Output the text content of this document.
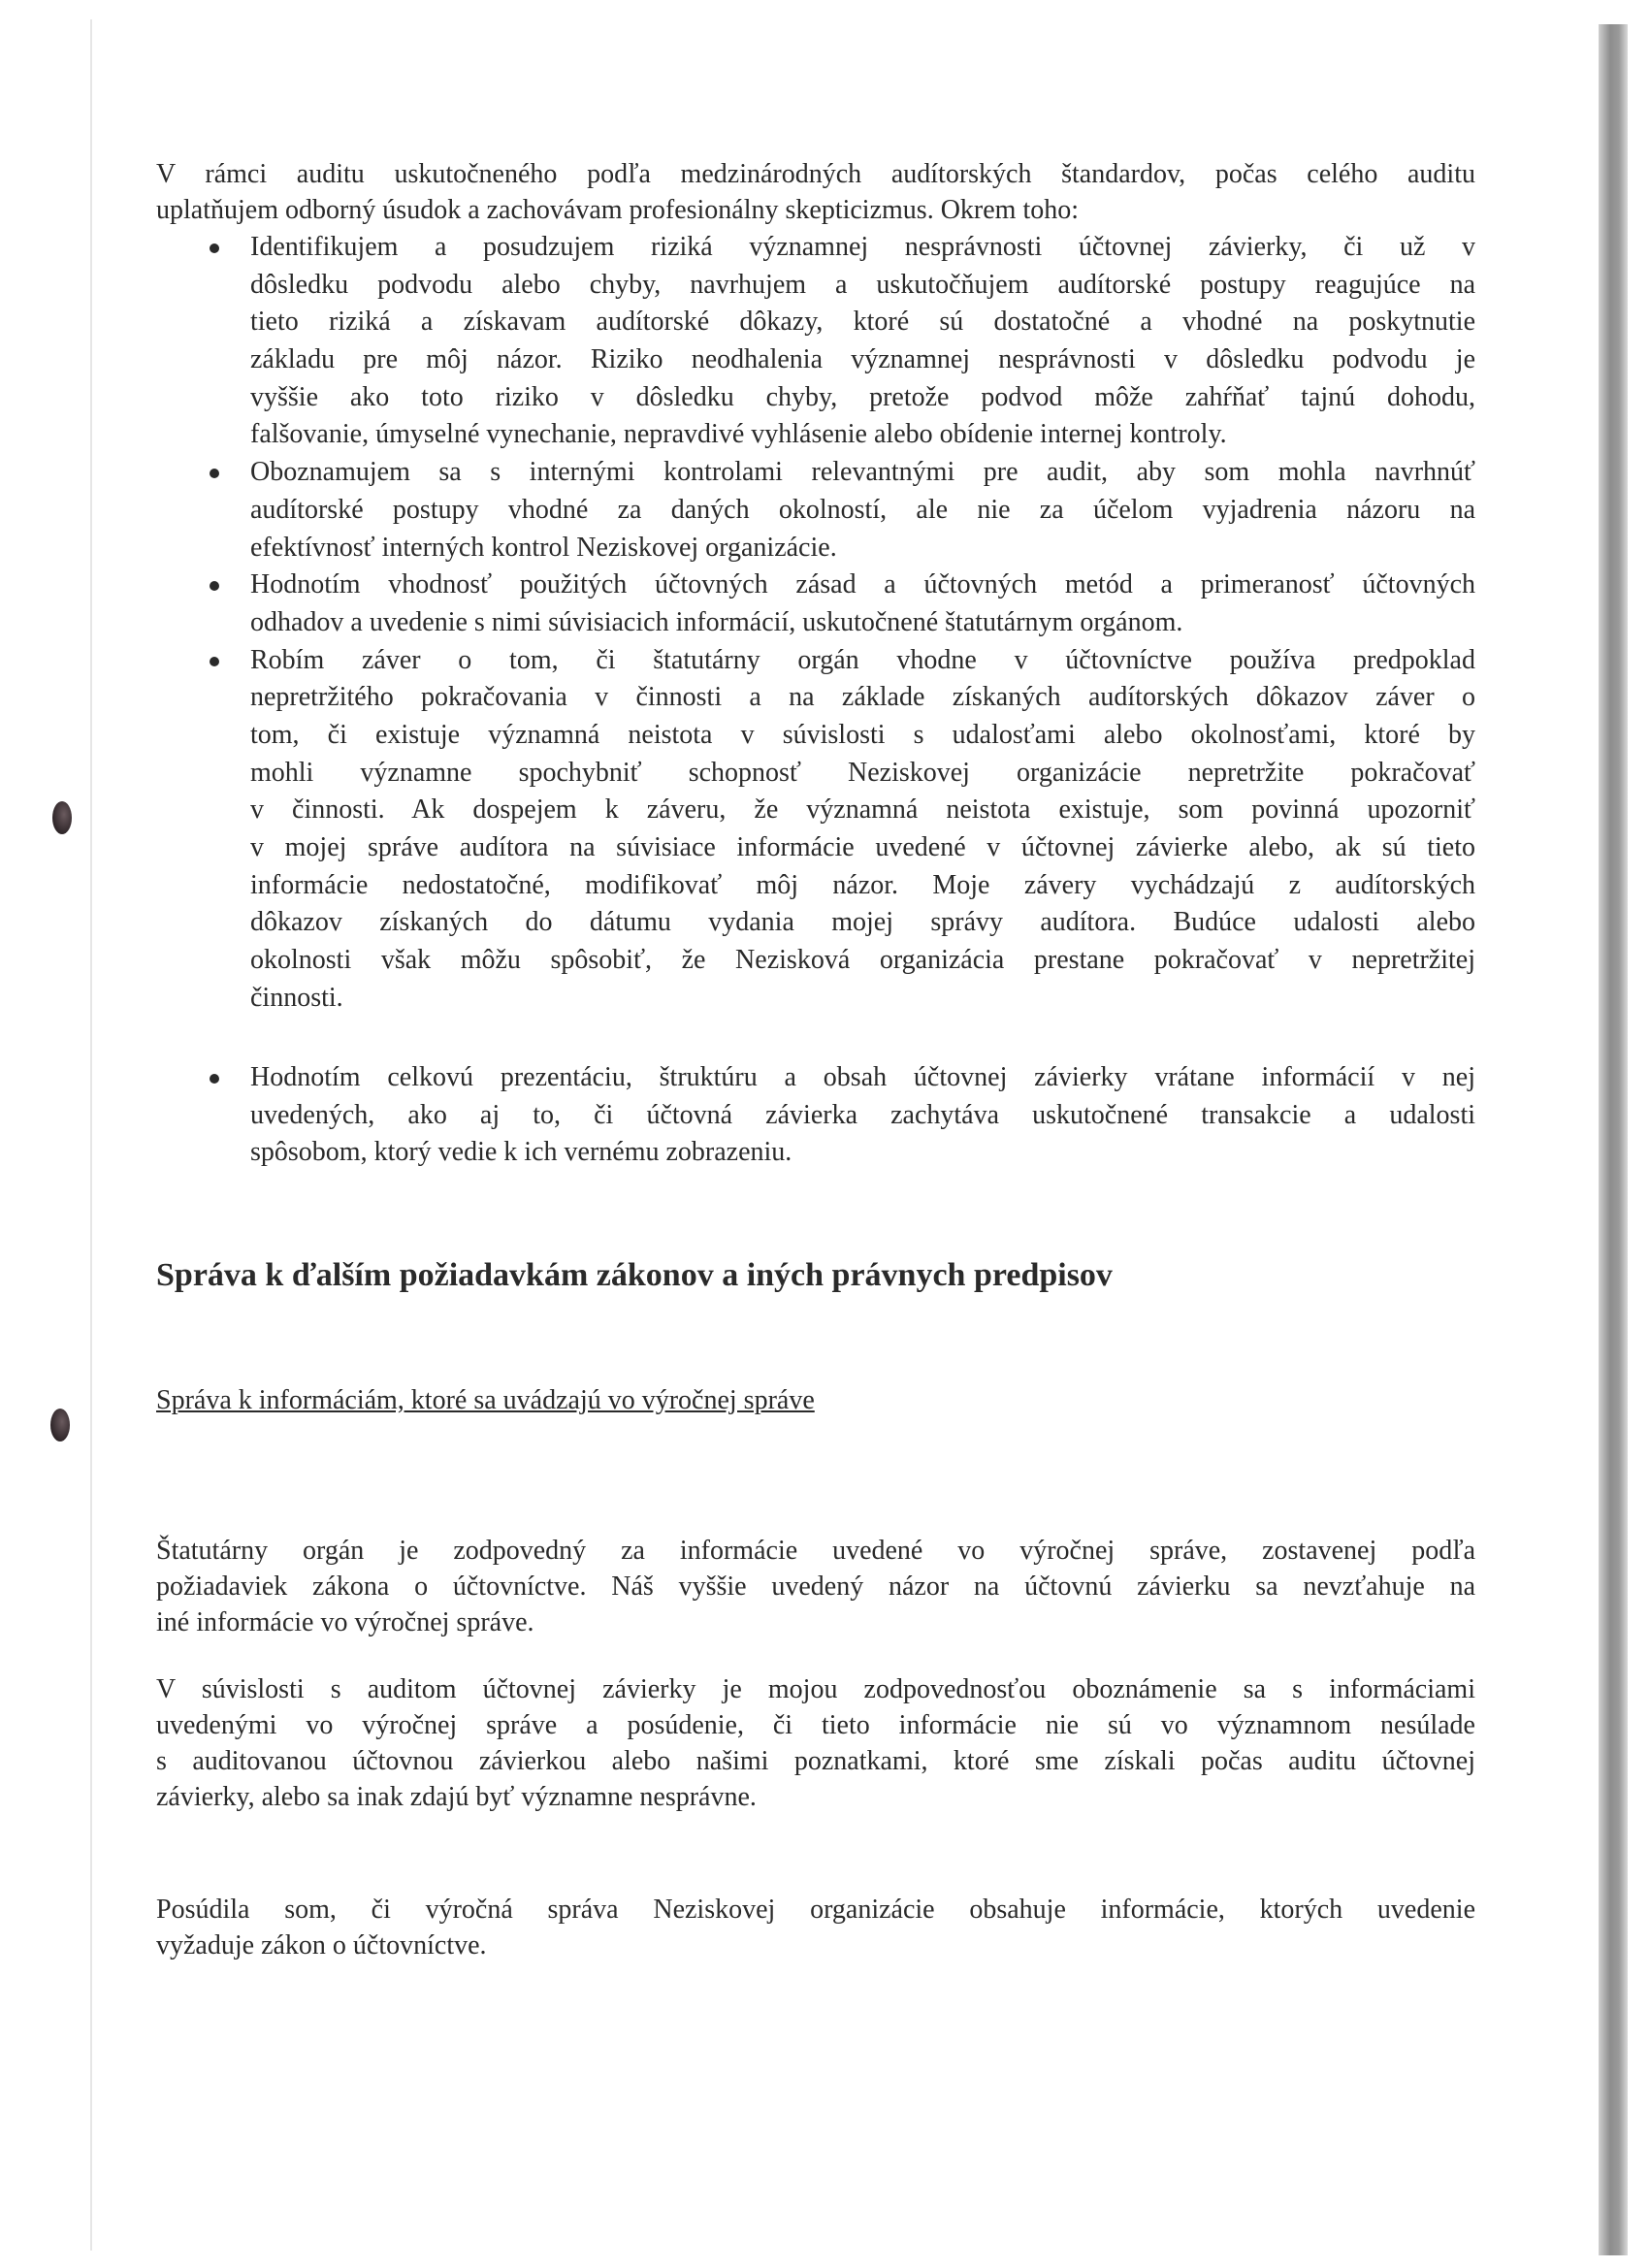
V rámci auditu uskutočneného podľa medzinárodných audítorských štandardov, počas celého auditu
uplatňujem odborný úsudok a zachovávam profesionálny skepticizmus. Okrem toho:
Identifikujem a posudzujem riziká významnej nesprávnosti účtovnej závierky, či už v
dôsledku podvodu alebo chyby, navrhujem a uskutočňujem audítorské postupy reagujúce na
tieto riziká a získavam audítorské dôkazy, ktoré sú dostatočné a vhodné na poskytnutie
základu pre môj názor. Riziko neodhalenia významnej nesprávnosti v dôsledku podvodu je
vyššie ako toto riziko v dôsledku chyby, pretože podvod môže zahŕňať tajnú dohodu,
falšovanie, úmyselné vynechanie, nepravdivé vyhlásenie alebo obídenie internej kontroly.
Oboznamujem sa s internými kontrolami relevantnými pre audit, aby som mohla navrhnúť
audítorské postupy vhodné za daných okolností, ale nie za účelom vyjadrenia názoru na
efektívnosť interných kontrol Neziskovej organizácie.
Hodnotím vhodnosť použitých účtovných zásad a účtovných metód a primeranosť účtovných
odhadov a uvedenie s nimi súvisiacich informácií, uskutočnené štatutárnym orgánom.
Robím záver o tom, či štatutárny orgán vhodne v účtovníctve používa predpoklad
nepretržitého pokračovania v činnosti a na základe získaných audítorských dôkazov záver o
tom, či existuje významná neistota v súvislosti s udalosťami alebo okolnosťami, ktoré by
mohli významne spochybniť schopnosť Neziskovej organizácie nepretržite pokračovať
v činnosti. Ak dospejem k záveru, že významná neistota existuje, som povinná upozorniť
v mojej správe audítora na súvisiace informácie uvedené v účtovnej závierke alebo, ak sú tieto
informácie nedostatočné, modifikovať môj názor. Moje závery vychádzajú z audítorských
dôkazov získaných do dátumu vydania mojej správy audítora. Budúce udalosti alebo
okolnosti však môžu spôsobiť, že Nezisková organizácia prestane pokračovať v nepretržitej
činnosti.
Hodnotím celkovú prezentáciu, štruktúru a obsah účtovnej závierky vrátane informácií v nej
uvedených, ako aj to, či účtovná závierka zachytáva uskutočnené transakcie a udalosti
spôsobom, ktorý vedie k ich vernému zobrazeniu.
Správa k ďalším požiadavkám zákonov a iných právnych predpisov
Správa k informáciám, ktoré sa uvádzajú vo výročnej správe
Štatutárny orgán je zodpovedný za informácie uvedené vo výročnej správe, zostavenej podľa
požiadaviek zákona o účtovníctve. Náš vyššie uvedený názor na účtovnú závierku sa nevzťahuje na
iné informácie vo výročnej správe.
V súvislosti s auditom účtovnej závierky je mojou zodpovednosťou oboznámenie sa s informáciami
uvedenými vo výročnej správe a posúdenie, či tieto informácie nie sú vo významnom nesúlade
s auditovanou účtovnou závierkou alebo našimi poznatkami, ktoré sme získali počas auditu účtovnej
závierky, alebo sa inak zdajú byť významne nesprávne.
Posúdila som, či výročná správa Neziskovej organizácie obsahuje informácie, ktorých uvedenie
vyžaduje zákon o účtovníctve.
